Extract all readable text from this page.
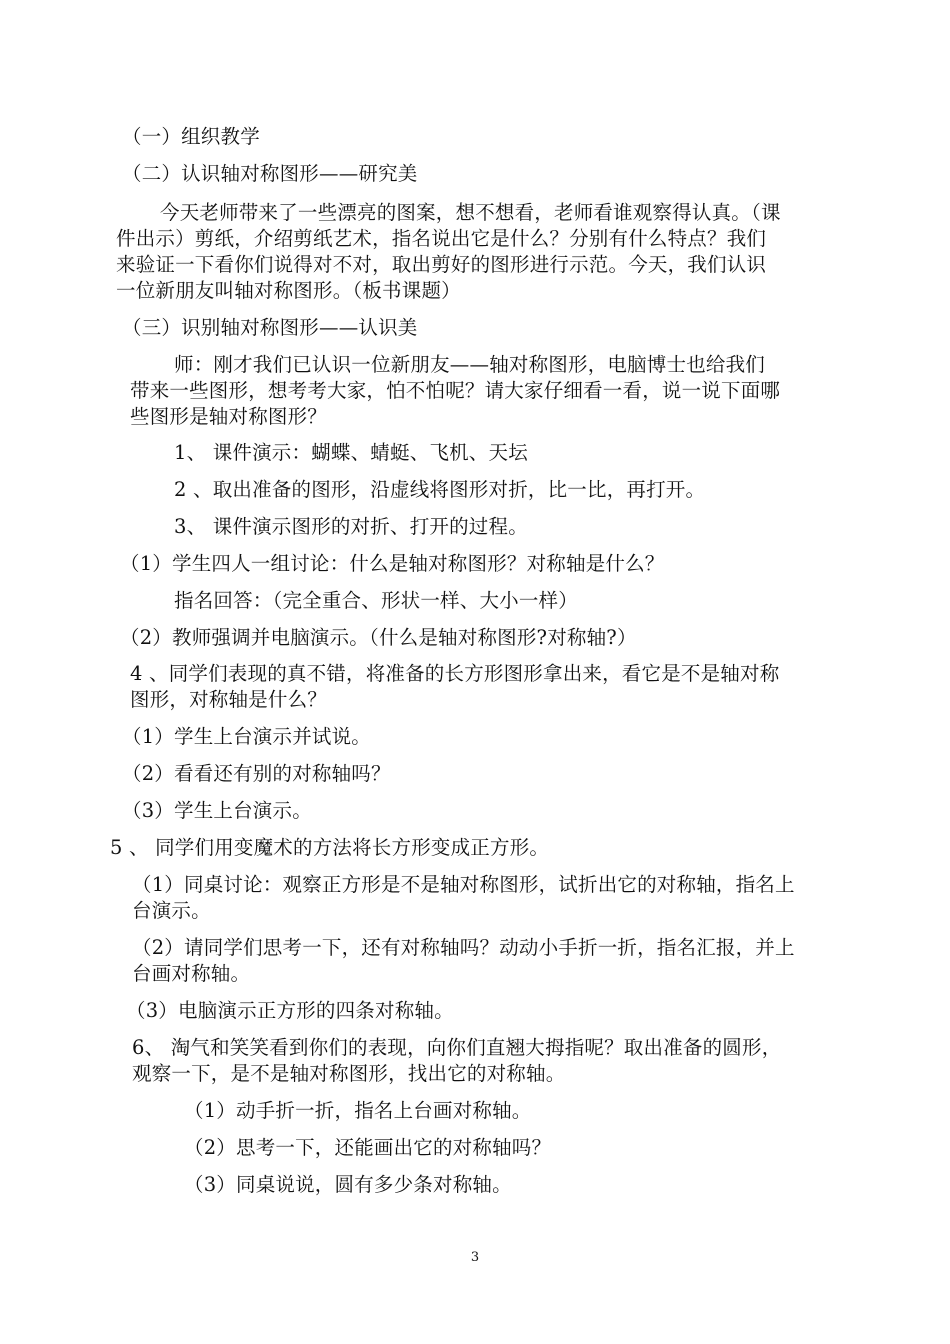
（一）组织教学

（二）认识轴对称图形——研究美

今天老师带来了一些漂亮的图案，想不想看，老师看谁观察得认真。（课

件出示）剪纸，介绍剪纸艺术，指名说出它是什么？分别有什么特点？我们

来验证一下看你们说得对不对，取出剪好的图形进行示范。今天，我们认识

一位新朋友叫轴对称图形。（板书课题）

（三）识别轴对称图形——认识美

师：刚才我们已认识一位新朋友——轴对称图形，电脑博士也给我们

带来一些图形，想考考大家，怕不怕呢？请大家仔细看一看，说一说下面哪

些图形是轴对称图形？

1、 课件演示：蝴蝶、蜻蜓、飞机、天坛

2 、取出准备的图形，沿虚线将图形对折，比一比，再打开。

3、 课件演示图形的对折、打开的过程。

（1）学生四人一组讨论：什么是轴对称图形？对称轴是什么？

指名回答：（完全重合、形状一样、大小一样）

（2）教师强调并电脑演示。（什么是轴对称图形?对称轴?）

4 、同学们表现的真不错，将准备的长方形图形拿出来，看它是不是轴对称

图形，对称轴是什么？

（1）学生上台演示并试说。

（2）看看还有别的对称轴吗？

（3）学生上台演示。

5 、 同学们用变魔术的方法将长方形变成正方形。

（1）同桌讨论：观察正方形是不是轴对称图形，试折出它的对称轴，指名上

台演示。

（2）请同学们思考一下，还有对称轴吗？动动小手折一折，指名汇报，并上

台画对称轴。

（3）电脑演示正方形的四条对称轴。

6、 淘气和笑笑看到你们的表现，向你们直翘大拇指呢？取出准备的圆形，

观察一下，是不是轴对称图形，找出它的对称轴。

（1）动手折一折，指名上台画对称轴。

（2）思考一下，还能画出它的对称轴吗？

（3）同桌说说，圆有多少条对称轴。

3
